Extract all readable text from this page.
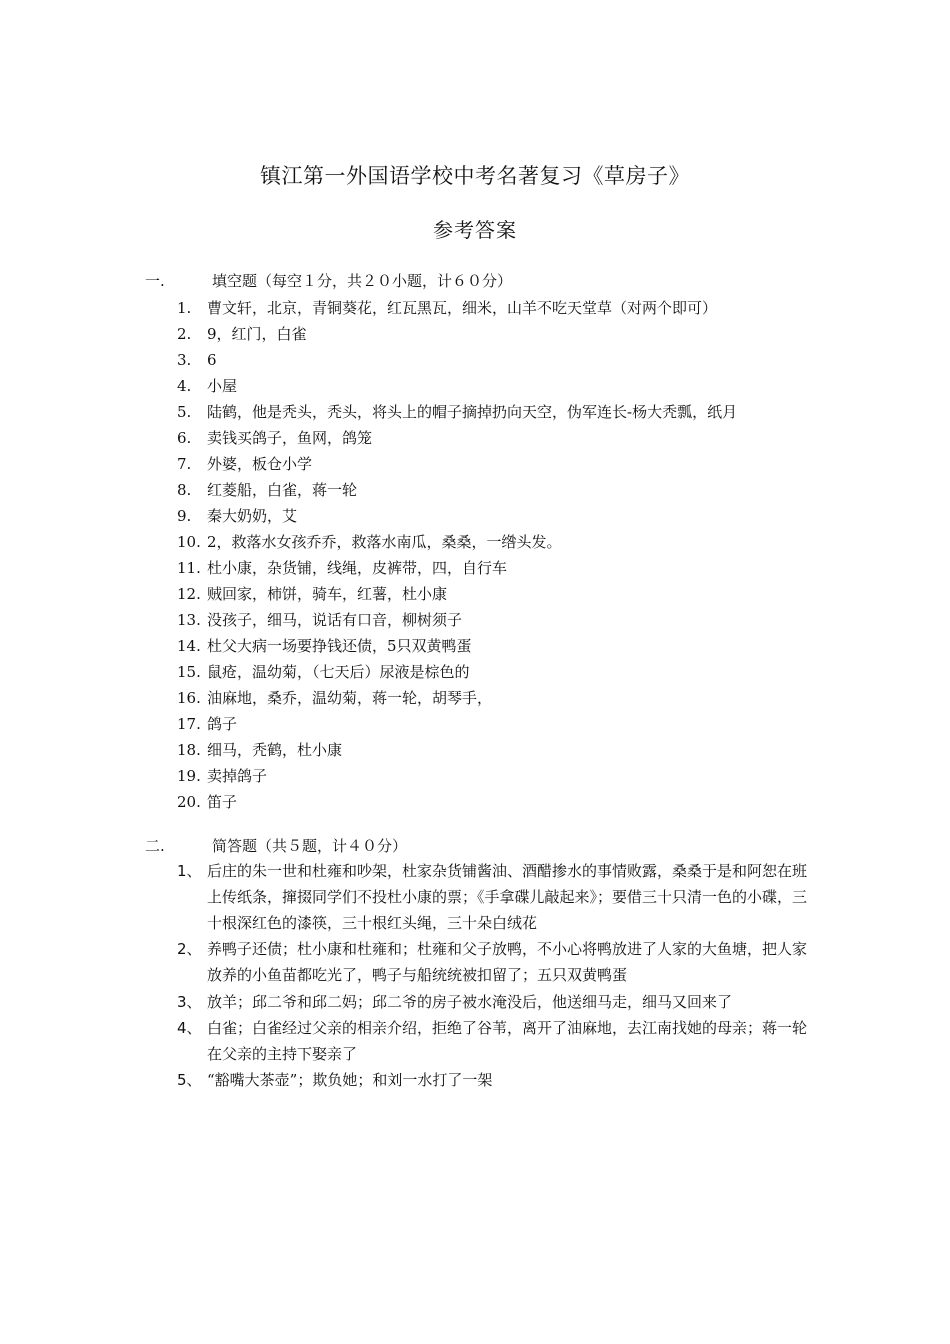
镇江第一外国语学校中考名著复习《草房子》
参考答案
一.	填空题（每空１分，共２０小题，计６０分）
1. 曹文轩，北京，青铜葵花，红瓦黑瓦，细米，山羊不吃天堂草（对两个即可）
2. 9，红门，白雀
3. 6
4. 小屋
5. 陆鹤，他是秃头，秃头，将头上的帽子摘掉扔向天空，伪军连长-杨大秃瓢，纸月
6. 卖钱买鸽子，鱼网，鸽笼
7. 外婆，板仓小学
8. 红菱船，白雀，蒋一轮
9. 秦大奶奶，艾
10. 2，救落水女孩乔乔，救落水南瓜，桑桑，一绺头发。
11. 杜小康，杂货铺，线绳，皮裤带，四，自行车
12. 贼回家，柿饼，骑车，红薯，杜小康
13. 没孩子，细马，说话有口音，柳树须子
14. 杜父大病一场要挣钱还债，5只双黄鸭蛋
15. 鼠疮，温幼菊，（七天后）尿液是棕色的
16. 油麻地，桑乔，温幼菊，蒋一轮，胡琴手，
17. 鸽子
18. 细马，秃鹤，杜小康
19. 卖掉鸽子
20. 笛子
二.	简答题（共５题，计４０分）
1、 后庄的朱一世和杜雍和吵架，杜家杂货铺酱油、酒醋掺水的事情败露，桑桑于是和阿恕在班上传纸条，撺掇同学们不投杜小康的票；《手拿碟儿敲起来》；要借三十只清一色的小碟，三十根深红色的漆筷，三十根红头绳，三十朵白绒花
2、 养鸭子还债；杜小康和杜雍和；杜雍和父子放鸭，不小心将鸭放进了人家的大鱼塘，把人家放养的小鱼苗都吃光了，鸭子与船统统被扣留了；五只双黄鸭蛋
3、 放羊；邱二爷和邱二妈；邱二爷的房子被水淹没后，他送细马走，细马又回来了
4、 白雀；白雀经过父亲的相亲介绍，拒绝了谷苇，离开了油麻地，去江南找她的母亲；蒋一轮在父亲的主持下娶亲了
5、 “豁嘴大茶壶”；欺负她；和刘一水打了一架
